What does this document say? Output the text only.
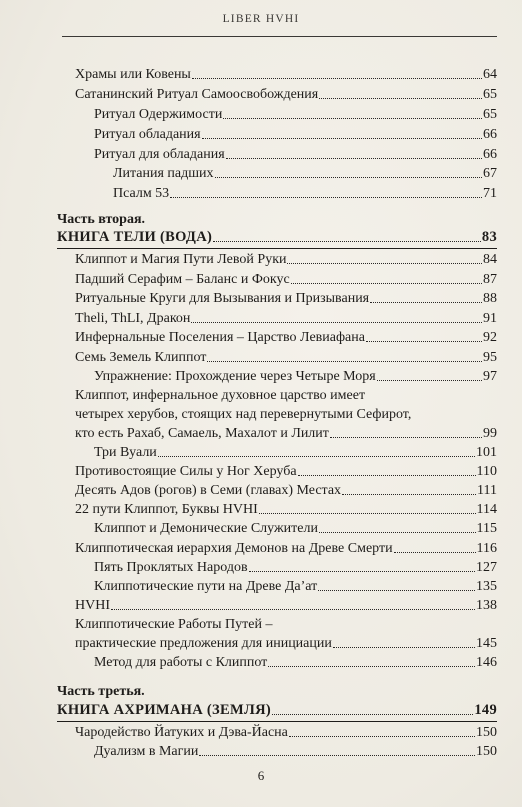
LIBER HVHI
Храмы или Ковены	64
Сатанинский Ритуал Самоосвобождения	65
Ритуал Одержимости	65
Ритуал обладания	66
Ритуал для обладания	66
Литания падших	67
Псалм 53	71
Часть вторая.
КНИГА ТЕЛИ (ВОДА)	83
Клиппот и Магия Пути Левой Руки	84
Падший Серафим – Баланс и Фокус	87
Ритуальные Круги для Вызывания и Призывания	88
Theli, ThLI, Дракон	91
Инфернальные Поселения – Царство Левиафана	92
Семь Земель Клиппот	95
Упражнение: Прохождение через Четыре Моря	97
Клиппот, инфернальное духовное царство имеет
четырех херубов, стоящих над перевернутыми Сефирот,
кто есть Рахаб, Самаель, Махалот и Лилит	99
Три Вуали	101
Противостоящие Силы у Ног Херуба	110
Десять Адов (рогов) в Семи (главах) Местах	111
22 пути Клиппот, Буквы HVHI	114
Клиппот и Демонические Служители	115
Клиппотическая иерархия Демонов на Древе Смерти	116
Пять Проклятых Народов	127
Клиппотические пути на Древе Да’ат	135
HVHI	138
Клиппотические Работы Путей –
практические предложения для инициации	145
Метод для работы с Клиппот	146
Часть третья.
КНИГА АХРИМАНА (ЗЕМЛЯ)	149
Чародейство Йатуких и Дэва-Йасна	150
Дуализм в Магии	150
6
